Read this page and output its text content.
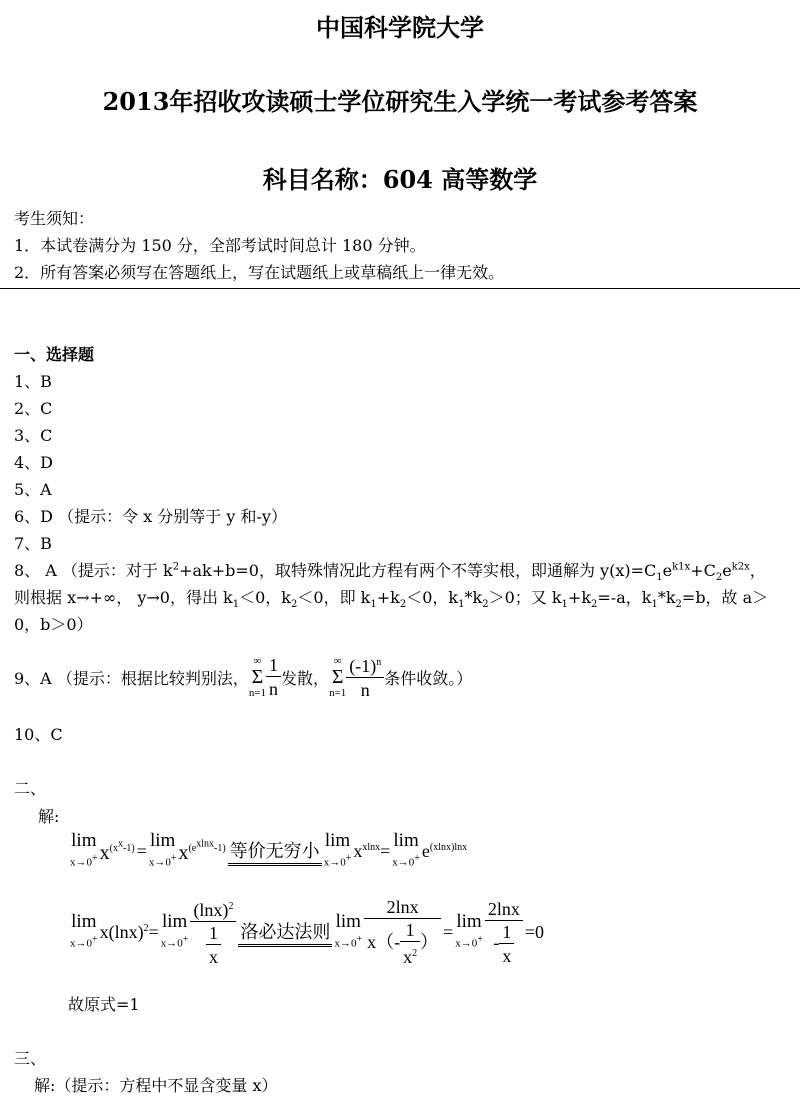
中国科学院大学
2013年招收攻读硕士学位研究生入学统一考试参考答案
科目名称：604 高等数学
考生须知：
1．本试卷满分为 150 分，全部考试时间总计 180 分钟。
2．所有答案必须写在答题纸上，写在试题纸上或草稿纸上一律无效。
一、选择题
1、B
2、C
3、C
4、D
5、A
6、D （提示：令 x 分别等于 y 和-y）
7、B
8、 A （提示：对于 $k^2+ak+b=0$，取特殊情况此方程有两个不等实根，即通解为 $y(x)=C_1e^{k1x}+C_2e^{k2x}$，
则根据 x→+∞， y→0，得出 $k_1<0$，$k_2<0$，即 $k_1+k_2<0$，$k_1*k_2>0$；又 $k_1+k_2=-a$，$k_1*k_2=b$，故 a＞
0，b＞0）
9、A （提示：根据比较判别法，
∞
Σ
$n=1 \frac{1}{n}$ 发散，
∞
Σ
$n=1 \frac{(-1)^n}{n}$ 条件收敛。）
10、C
二、
解:
lim
x→0+ $x^{(x^x-1)}$ =
lim
x→0+ $x^{(e^{xlnx}-1)}$ 等价无穷小
lim
x→0+ $x^{xlnx}=$
lim
x→0+ $e^{(xlnx)lnx}$
lim
x→0+ $x(\ln x)^2=$
lim
$x\to 0^+ \frac{(\ln x)^2}{\frac{1}{x}}$ 洛必达法则
lim
$x\to 0^+ \frac{2\ln x}{x(- \frac{1}{x^2} )}$ =
lim
$x\to 0^+ \frac{2\ln x}{- \frac{1}{x}} =0$
故原式=1
三、
解:（提示：方程中不显含变量 x）
